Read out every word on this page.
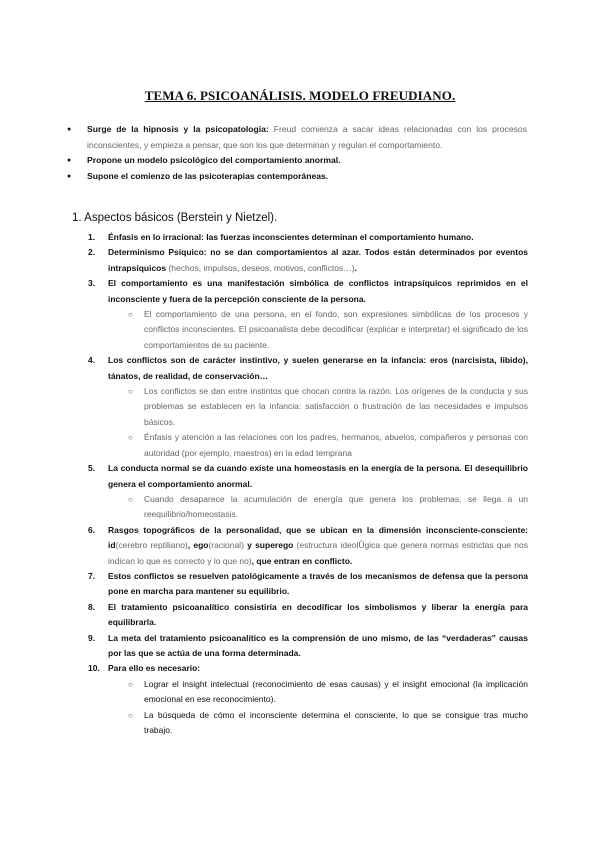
TEMA 6. PSICOANÁLISIS. MODELO FREUDIANO.
● Surge de la hipnosis y la psicopatología: Freud comienza a sacar ideas relacionadas con los procesos inconscientes, y empieza a pensar, que son los que determinan y regulan el comportamiento.
● Propone un modelo psicológico del comportamiento anormal.
● Supone el comienzo de las psicoterapias contemporáneas.
1. Aspectos básicos (Berstein y Nietzel).
1. Énfasis en lo irracional: las fuerzas inconscientes determinan el comportamiento humano.
2. Determinismo Psíquico: no se dan comportamientos al azar. Todos están determinados por eventos intrapsíquicos (hechos, impulsos, deseos, motivos, conflictos…).
3. El comportamiento es una manifestación simbólica de conflictos intrapsíquicos reprimidos en el inconsciente y fuera de la percepción consciente de la persona.
○ El comportamiento de una persona, en el fondo, son expresiones simbólicas de los procesos y conflictos inconscientes. El psicoanalista debe decodificar (explicar e interpretar) el significado de los comportamientos de su paciente.
4. Los conflictos son de carácter instintivo, y suelen generarse en la infancia: eros (narcisista, libido), tánatos, de realidad, de conservación…
○ Los conflictos se dan entre instintos que chocan contra la razón. Los orígenes de la conducta y sus problemas se establecen en la infancia: satisfacción o frustración de las necesidades e impulsos básicos.
○ Énfasis y atención a las relaciones con los padres, hermanos, abuelos, compañeros y personas con autoridad (por ejemplo, maestros) en la edad temprana
5. La conducta normal se da cuando existe una homeostasis en la energía de la persona. El desequilibrio genera el comportamiento anormal.
○ Cuando desaparece la acumulación de energía que genera los problemas, se llega a un reequilibrio/homeostasis.
6. Rasgos topográficos de la personalidad, que se ubican en la dimensión inconsciente-consciente: id(cerebro reptiliano), ego(racional) y superego (estructura ideolÛgica que genera normas estrictas que nos indican lo que es correcto y lo que no), que entran en conflicto.
7. Estos conflictos se resuelven patológicamente a través de los mecanismos de defensa que la persona pone en marcha para mantener su equilibrio.
8. El tratamiento psicoanalítico consistiría en decodificar los simbolismos y liberar la energía para equilibrarla.
9. La meta del tratamiento psicoanalítico es la comprensión de uno mismo, de las “verdaderas” causas por las que se actúa de una forma determinada.
10. Para ello es necesario:
○ Lograr el insight intelectual (reconocimiento de esas causas) y el insight emocional (la implicación emocional en ese reconocimiento).
○ La búsqueda de cómo el inconsciente determina el consciente, lo que se consigue tras mucho trabajo.
